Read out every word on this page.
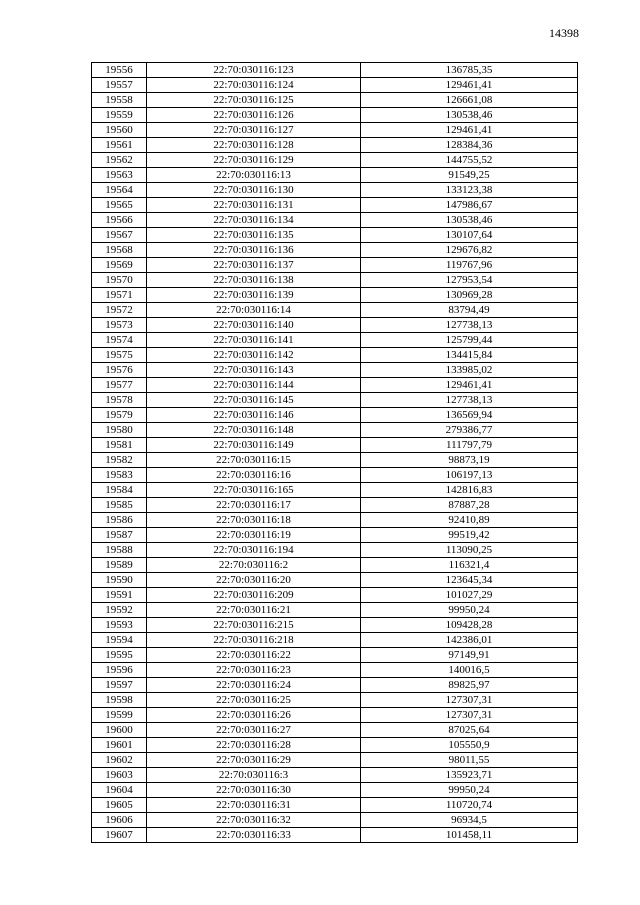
14398
19556	22:70:030116:123	136785,35
19557	22:70:030116:124	129461,41
19558	22:70:030116:125	126661,08
19559	22:70:030116:126	130538,46
19560	22:70:030116:127	129461,41
19561	22:70:030116:128	128384,36
19562	22:70:030116:129	144755,52
19563	22:70:030116:13	91549,25
19564	22:70:030116:130	133123,38
19565	22:70:030116:131	147986,67
19566	22:70:030116:134	130538,46
19567	22:70:030116:135	130107,64
19568	22:70:030116:136	129676,82
19569	22:70:030116:137	119767,96
19570	22:70:030116:138	127953,54
19571	22:70:030116:139	130969,28
19572	22:70:030116:14	83794,49
19573	22:70:030116:140	127738,13
19574	22:70:030116:141	125799,44
19575	22:70:030116:142	134415,84
19576	22:70:030116:143	133985,02
19577	22:70:030116:144	129461,41
19578	22:70:030116:145	127738,13
19579	22:70:030116:146	136569,94
19580	22:70:030116:148	279386,77
19581	22:70:030116:149	111797,79
19582	22:70:030116:15	98873,19
19583	22:70:030116:16	106197,13
19584	22:70:030116:165	142816,83
19585	22:70:030116:17	87887,28
19586	22:70:030116:18	92410,89
19587	22:70:030116:19	99519,42
19588	22:70:030116:194	113090,25
19589	22:70:030116:2	116321,4
19590	22:70:030116:20	123645,34
19591	22:70:030116:209	101027,29
19592	22:70:030116:21	99950,24
19593	22:70:030116:215	109428,28
19594	22:70:030116:218	142386,01
19595	22:70:030116:22	97149,91
19596	22:70:030116:23	140016,5
19597	22:70:030116:24	89825,97
19598	22:70:030116:25	127307,31
19599	22:70:030116:26	127307,31
19600	22:70:030116:27	87025,64
19601	22:70:030116:28	105550,9
19602	22:70:030116:29	98011,55
19603	22:70:030116:3	135923,71
19604	22:70:030116:30	99950,24
19605	22:70:030116:31	110720,74
19606	22:70:030116:32	96934,5
19607	22:70:030116:33	101458,11
